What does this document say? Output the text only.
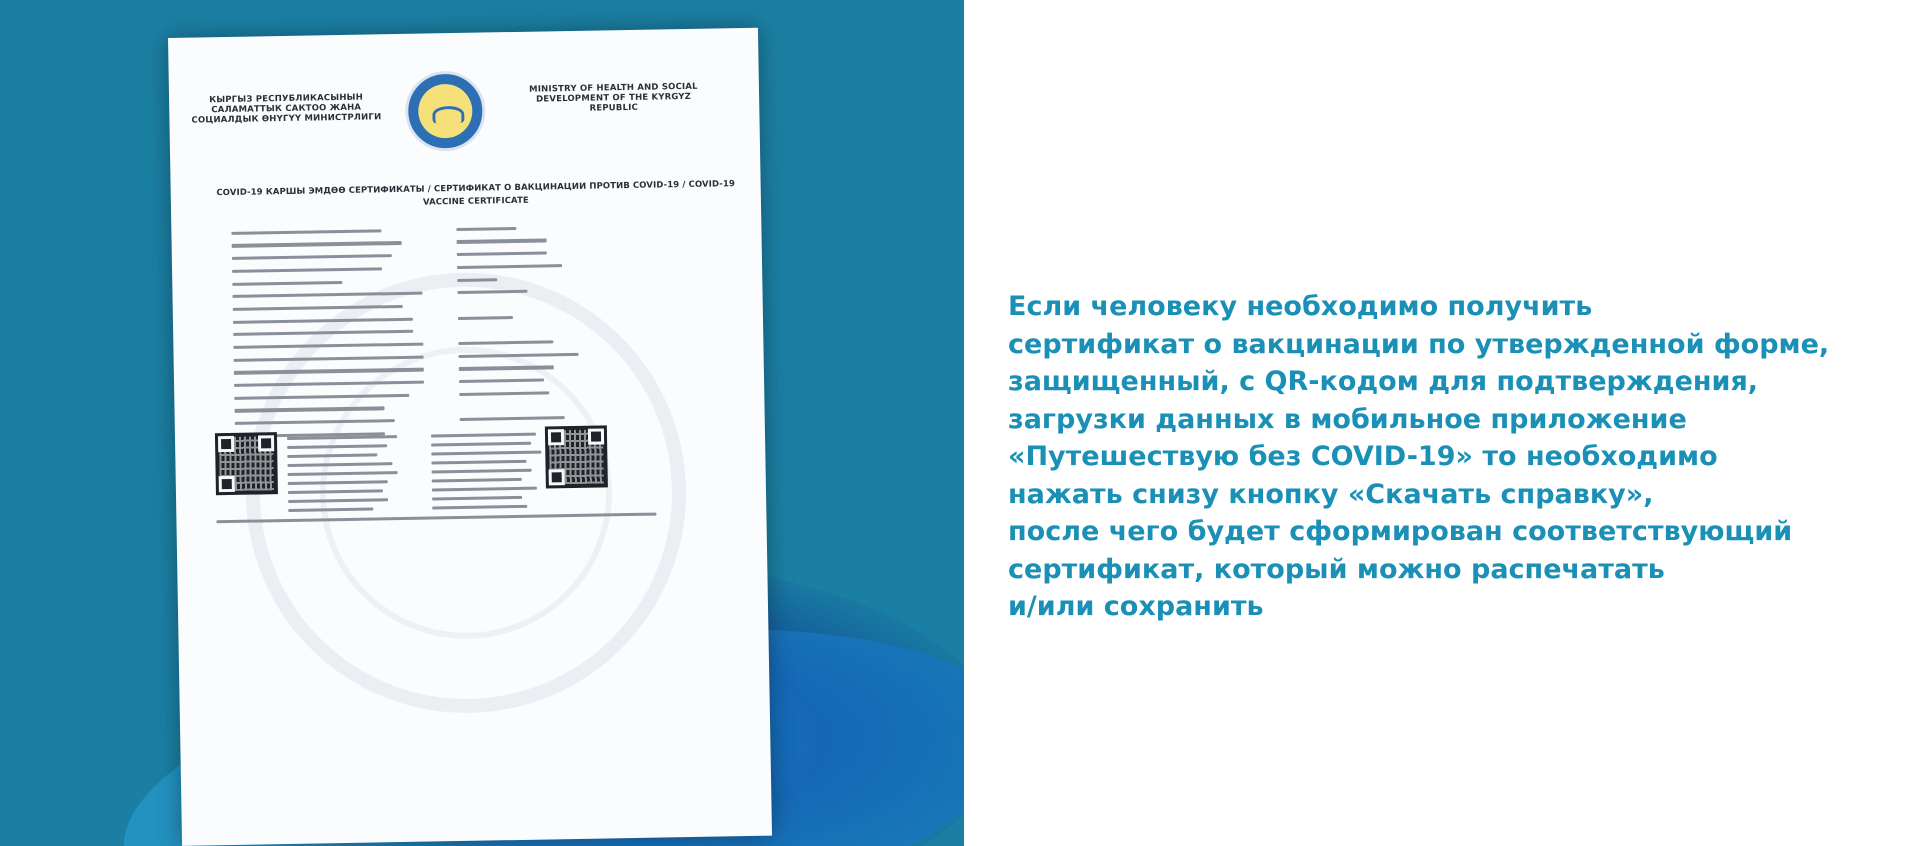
КЫРГЫЗ РЕСПУБЛИКАСЫНЫН САЛАМАТТЫК САКТОО ЖАНА СОЦИАЛДЫК ӨНҮГҮҮ МИНИСТРЛИГИ
MINISTRY OF HEALTH AND SOCIAL DEVELOPMENT OF THE KYRGYZ REPUBLIC
COVID-19 КАРШЫ ЭМДӨӨ СЕРТИФИКАТЫ / СЕРТИФИКАТ О ВАКЦИНАЦИИ ПРОТИВ COVID-19 / COVID-19 VACCINE CERTIFICATE

Если человеку необходимо получить
сертификат о вакцинации по утвержденной форме,
защищенный, с QR-кодом для подтверждения,
загрузки данных в мобильное приложение
«Путешествую без COVID-19» то необходимо
нажать снизу кнопку «Скачать справку»,
после чего будет сформирован соответствующий
сертификат, который можно распечатать
и/или сохранить
